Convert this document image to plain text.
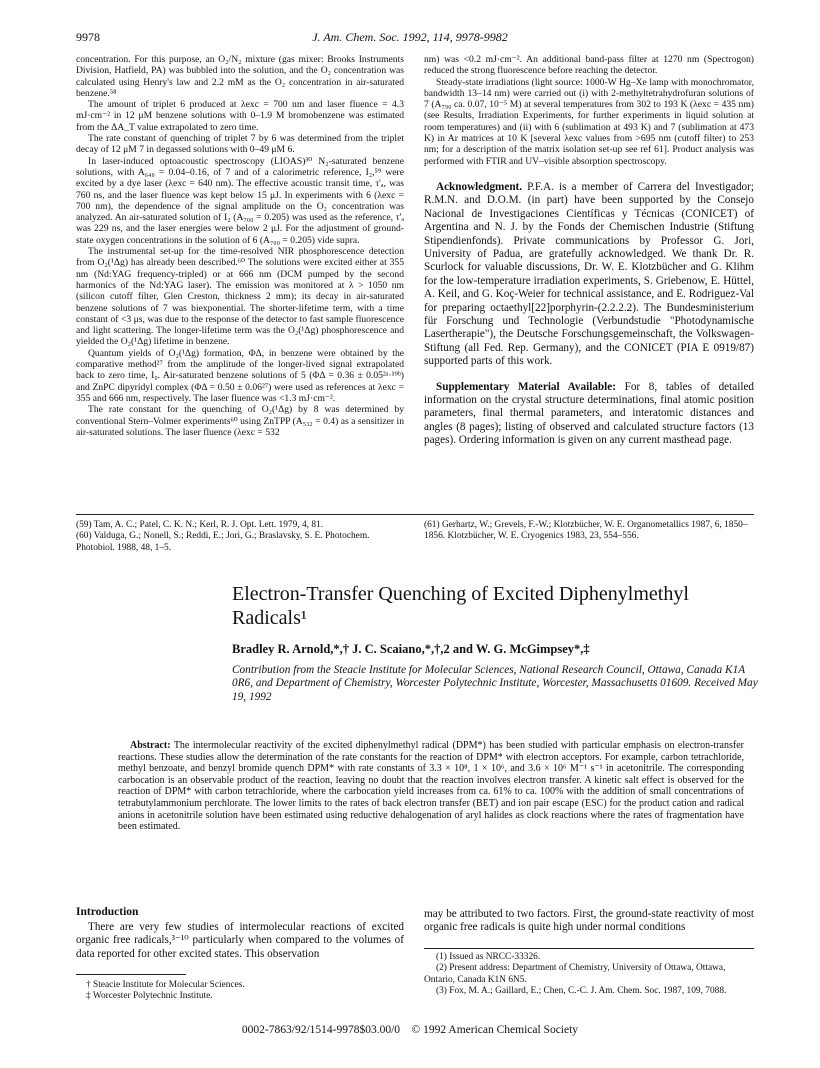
9978	J. Am. Chem. Soc. 1992, 114, 9978-9982

concentration. For this purpose, an O₂/N₂ mixture (gas mixer: Brooks Instruments Division, Hatfield, PA) was bubbled into the solution, and the O₂ concentration was calculated using Henry's law and 2.2 mM as the O₂ concentration in air-saturated benzene.⁵⁸

The amount of triplet 6 produced at λexc = 700 nm and laser fluence = 4.3 mJ·cm⁻² in 12 μM benzene solutions with 0–1.9 M bromobenzene was estimated from the ΔA_T value extrapolated to zero time.

The rate constant of quenching of triplet 7 by 6 was determined from the triplet decay of 12 μM 7 in degassed solutions with 0–49 μM 6.

In laser-induced optoacoustic spectroscopy (LIOAS)³⁰ N₂-saturated benzene solutions, with A₆₄₀ = 0.04–0.16, of 7 and of a calorimetric reference, I₂,⁵⁹ were excited by a dye laser (λexc = 640 nm). The effective acoustic transit time, τ'ₐ, was 760 ns, and the laser fluence was kept below 15 μJ. In experiments with 6 (λexc = 700 nm), the dependence of the signal amplitude on the O₂ concentration was analyzed. An air-saturated solution of I₂ (A₇₀₀ = 0.205) was used as the reference, τ'ₐ was 229 ns, and the laser energies were below 2 μJ. For the adjustment of ground-state oxygen concentrations in the solution of 6 (A₇₀₀ = 0.205) vide supra.

The instrumental set-up for the time-resolved NIR phosphorescence detection from O₂(¹Δg) has already been described.⁶⁰ The solutions were excited either at 355 nm (Nd:YAG frequency-tripled) or at 666 nm (DCM pumped by the second harmonics of the Nd:YAG laser). The emission was monitored at λ > 1050 nm (silicon cutoff filter, Glen Creston, thickness 2 mm); its decay in air-saturated benzene solutions of 7 was biexponential. The shorter-lifetime term, with a time constant of <3 μs, was due to the response of the detector to fast sample fluorescence and light scattering. The longer-lifetime term was the O₂(¹Δg) phosphorescence and yielded the O₂(¹Δg) lifetime in benzene.

Quantum yields of O₂(¹Δg) formation, ΦΔ, in benzene were obtained by the comparative method²⁷ from the amplitude of the longer-lived signal extrapolated back to zero time, I₀. Air-saturated benzene solutions of 5 (ΦΔ = 0.36 ± 0.05²ᵃ·¹⁹ᵇ) and ZnPC dipyridyl complex (ΦΔ = 0.50 ± 0.06²⁷) were used as references at λexc = 355 and 666 nm, respectively. The laser fluence was <1.3 mJ·cm⁻².

The rate constant for the quenching of O₂(¹Δg) by 8 was determined by conventional Stern–Volmer experiments⁶⁰ using ZnTPP (A₅₃₂ = 0.4) as a sensitizer in air-saturated solutions. The laser fluence (λexc = 532

nm) was <0.2 mJ·cm⁻². An additional band-pass filter at 1270 nm (Spectrogon) reduced the strong fluorescence before reaching the detector.

Steady-state irradiations (light source: 1000-W Hg–Xe lamp with monochromator, bandwidth 13–14 nm) were carried out (i) with 2-methyltetrahydrofuran solutions of 7 (A₇₉₀ ca. 0.07, 10⁻⁵ M) at several temperatures from 302 to 193 K (λexc = 435 nm) (see Results, Irradiation Experiments, for further experiments in liquid solution at room temperatures) and (ii) with 6 (sublimation at 493 K) and 7 (sublimation at 473 K) in Ar matrices at 10 K [several λexc values from >695 nm (cutoff filter) to 253 nm; for a description of the matrix isolation set-up see ref 61]. Product analysis was performed with FTIR and UV–visible absorption spectroscopy.

Acknowledgment. P.F.A. is a member of Carrera del Investigador; R.M.N. and D.O.M. (in part) have been supported by the Consejo Nacional de Investigaciones Científicas y Técnicas (CONICET) of Argentina and N. J. by the Fonds der Chemischen Industrie (Stiftung Stipendienfonds). Private communications by Professor G. Jori, University of Padua, are gratefully acknowledged. We thank Dr. R. Scurlock for valuable discussions, Dr. W. E. Klotzbücher and G. Klihm for the low-temperature irradiation experiments, S. Griebenow, E. Hüttel, A. Keil, and G. Koç-Weier for technical assistance, and E. Rodriguez-Val for preparing octaethyl[22]porphyrin-(2.2.2.2). The Bundesministerium für Forschung und Technologie (Verbundstudie "Photodynamische Lasertherapie"), the Deutsche Forschungsgemeinschaft, the Volkswagen-Stiftung (all Fed. Rep. Germany), and the CONICET (PIA E 0919/87) supported parts of this work.

Supplementary Material Available: For 8, tables of detailed information on the crystal structure determinations, final atomic position parameters, final thermal parameters, and interatomic distances and angles (8 pages); listing of observed and calculated structure factors (13 pages). Ordering information is given on any current masthead page.

(59) Tam, A. C.; Patel, C. K. N.; Kerl, R. J. Opt. Lett. 1979, 4, 81.

(60) Valduga, G.; Nonell, S.; Reddi, E.; Jori, G.; Braslavsky, S. E. Photochem. Photobiol. 1988, 48, 1–5.

(61) Gerhartz, W.; Grevels, F.-W.; Klotzbücher, W. E. Organometallics 1987, 6, 1850–1856. Klotzbücher, W. E. Cryogenics 1983, 23, 554–556.

Electron-Transfer Quenching of Excited Diphenylmethyl
Radicals¹
Bradley R. Arnold,*,† J. C. Scaiano,*,†,2 and W. G. McGimpsey*,‡
Contribution from the Steacie Institute for Molecular Sciences, National Research Council, Ottawa, Canada K1A 0R6, and Department of Chemistry, Worcester Polytechnic Institute, Worcester, Massachusetts 01609. Received May 19, 1992

Abstract: The intermolecular reactivity of the excited diphenylmethyl radical (DPM*) has been studied with particular emphasis on electron-transfer reactions. These studies allow the determination of the rate constants for the reaction of DPM* with electron acceptors. For example, carbon tetrachloride, methyl benzoate, and benzyl bromide quench DPM* with rate constants of 3.3 × 10⁸, 1 × 10⁶, and 3.6 × 10⁶ M⁻¹ s⁻¹ in acetonitrile. The corresponding carbocation is an observable product of the reaction, leaving no doubt that the reaction involves electron transfer. A kinetic salt effect is observed for the reaction of DPM* with carbon tetrachloride, where the carbocation yield increases from ca. 61% to ca. 100% with the addition of small concentrations of tetrabutylammonium perchlorate. The lower limits to the rates of back electron transfer (BET) and ion pair escape (ESC) for the product cation and radical anions in acetonitrile solution have been estimated using reductive dehalogenation of aryl halides as clock reactions where the rates of fragmentation have been estimated.

Introduction

There are very few studies of intermolecular reactions of excited organic free radicals,³⁻¹⁰ particularly when compared to the volumes of data reported for other excited states. This observation

may be attributed to two factors. First, the ground-state reactivity of most organic free radicals is quite high under normal conditions

† Steacie Institute for Molecular Sciences.

‡ Worcester Polytechnic Institute.

(1) Issued as NRCC-33326.

(2) Present address: Department of Chemistry, University of Ottawa, Ottawa, Ontario, Canada K1N 6N5.

(3) Fox, M. A.; Gaillard, E.; Chen, C.-C. J. Am. Chem. Soc. 1987, 109, 7088.

0002-7863/92/1514-9978$03.00/0 © 1992 American Chemical Society
